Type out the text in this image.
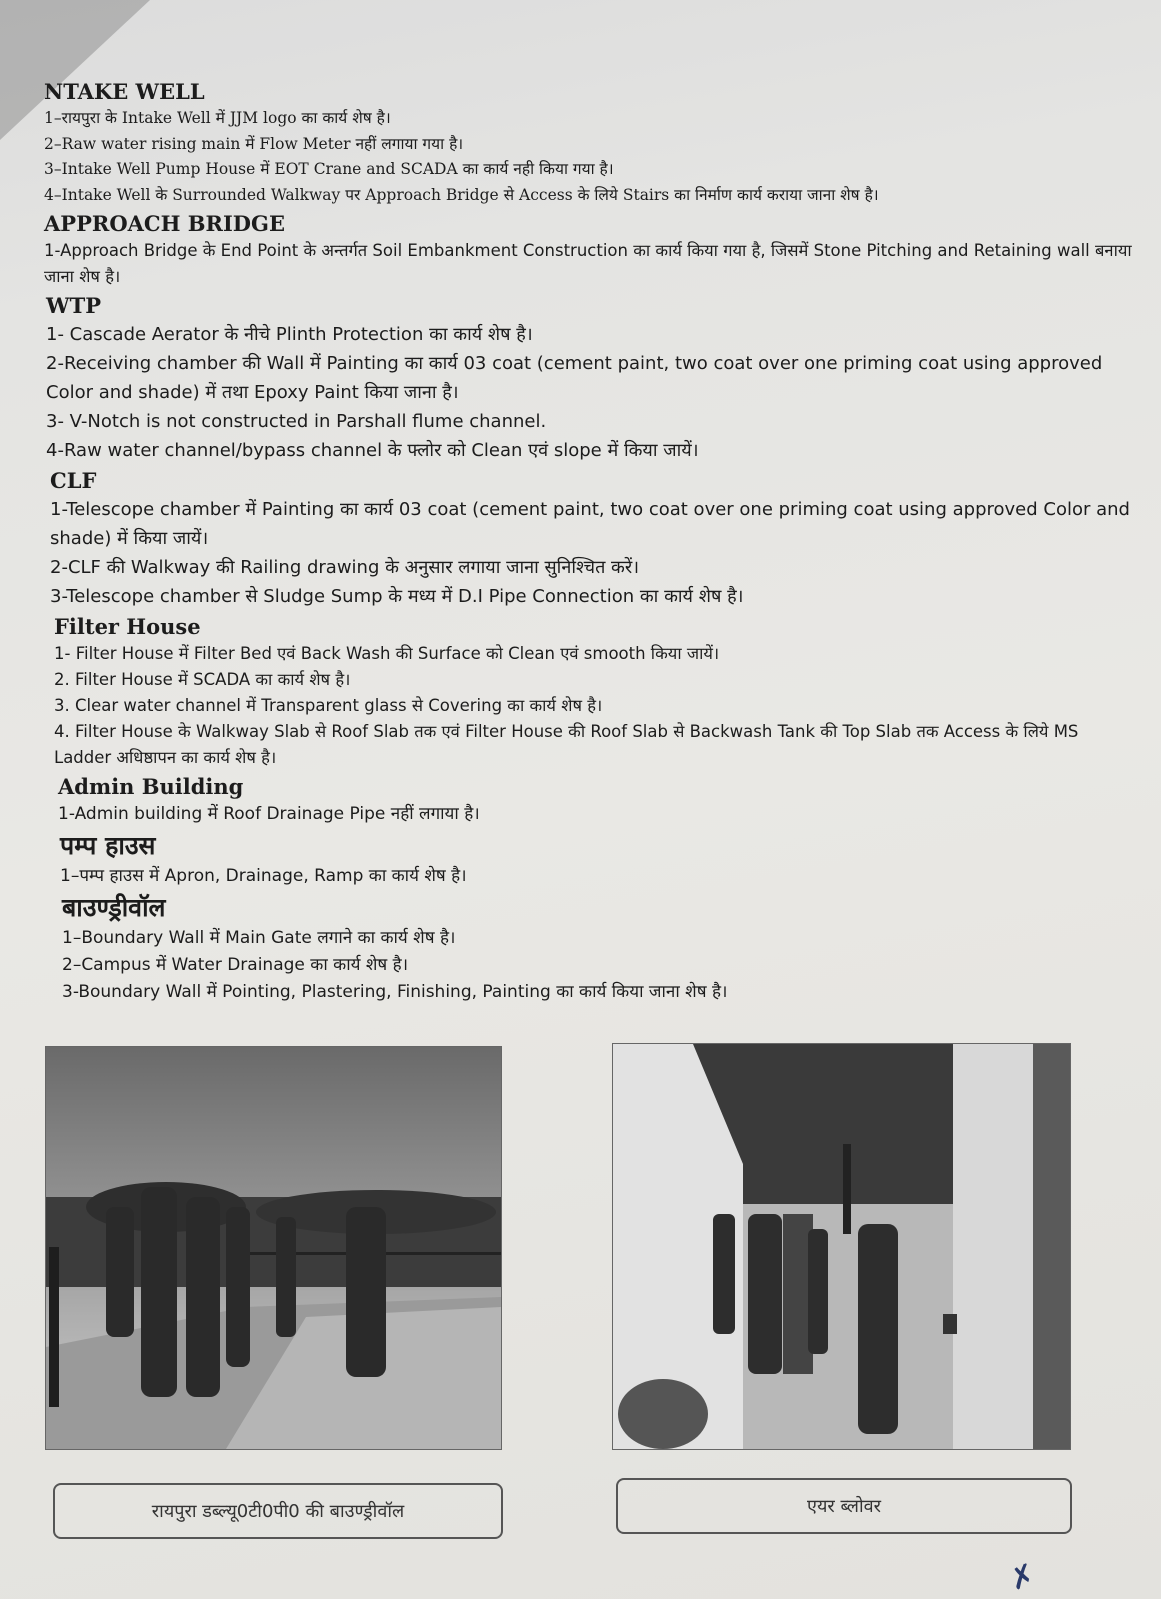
NTAKE WELL

1–रायपुरा के Intake Well में JJM logo का कार्य शेष है।

2–Raw water rising main में Flow Meter नहीं लगाया गया है।

3–Intake Well Pump House में EOT Crane and SCADA का कार्य नही किया गया है।

4–Intake Well के Surrounded Walkway पर Approach Bridge से Access के लिये Stairs का निर्माण कार्य कराया जाना शेष है।

APPROACH BRIDGE

1-Approach Bridge के End Point के अन्तर्गत Soil Embankment Construction का कार्य किया गया है, जिसमें Stone Pitching and Retaining wall बनाया जाना शेष है।

WTP

1- Cascade Aerator के नीचे Plinth Protection का कार्य शेष है।

2-Receiving chamber की Wall में Painting का कार्य 03 coat (cement paint, two coat over one priming coat using approved Color and shade) में तथा Epoxy Paint किया जाना है।

3- V-Notch is not constructed in Parshall flume channel.

4-Raw water channel/bypass channel के फ्लोर को Clean एवं slope में किया जायें।

CLF

1-Telescope chamber में Painting का कार्य 03 coat (cement paint, two coat over one priming coat using approved Color and shade) में किया जायें।

2-CLF की Walkway की Railing drawing के अनुसार लगाया जाना सुनिश्चित करें।

3-Telescope chamber से Sludge Sump के मध्य में D.I Pipe Connection का कार्य शेष है।

Filter House

1- Filter House में Filter Bed एवं Back Wash की Surface को Clean एवं smooth किया जायें।

2. Filter House में SCADA का कार्य शेष है।

3. Clear water channel में Transparent glass से Covering का कार्य शेष है।

4. Filter House के Walkway Slab से Roof Slab तक एवं Filter House की Roof Slab से Backwash Tank की Top Slab तक Access के लिये MS Ladder अधिष्ठापन का कार्य शेष है।

Admin Building

1-Admin building में Roof Drainage Pipe नहीं लगाया है।

पम्प हाउस

1–पम्प हाउस में Apron, Drainage, Ramp का कार्य शेष है।

बाउण्ड्रीवॉल

1–Boundary Wall में Main Gate लगाने का कार्य शेष है।

2–Campus में Water Drainage का कार्य शेष है।

3-Boundary Wall में Pointing, Plastering, Finishing, Painting का कार्य किया जाना शेष है।

रायपुरा डब्ल्यू0टी0पी0 की बाउण्ड्रीवॉल	एयर ब्लोवर
✗
